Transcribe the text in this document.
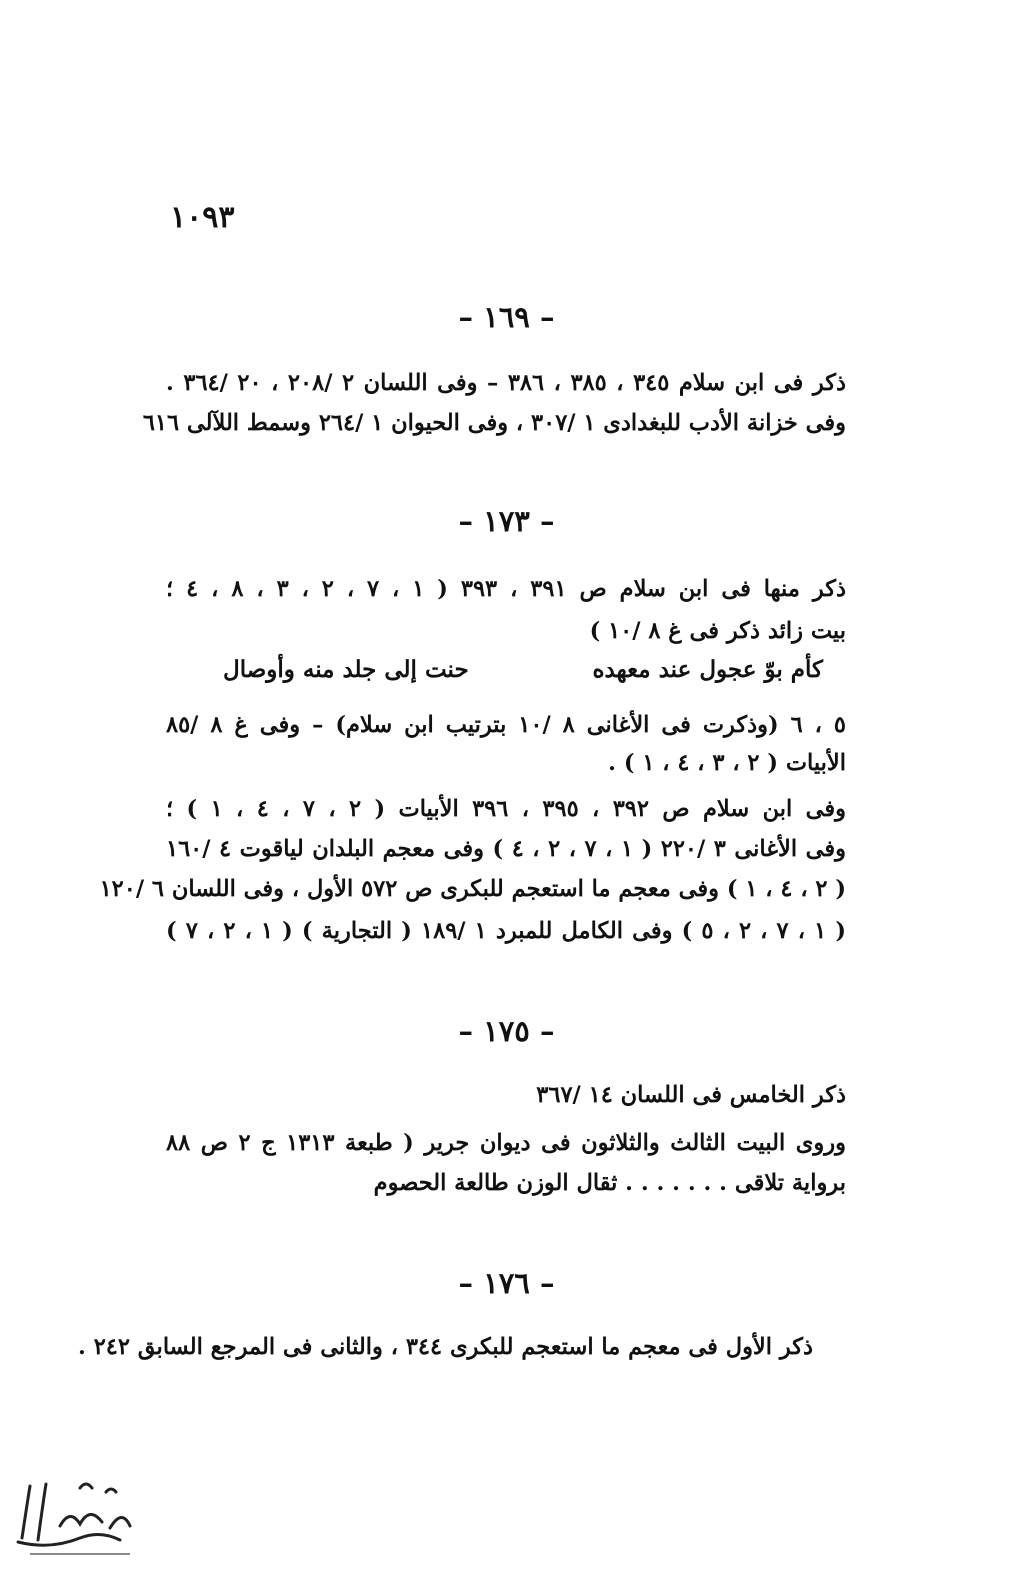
١٠٩٣
– ١٦٩ –
ذكر فى ابن سلام ٣٤٥ ، ٣٨٥ ، ٣٨٦ – وفى اللسان ٢ /٢٠٨ ، ٢٠ /٣٦٤ .
وفى خزانة الأدب للبغدادى ١ /٣٠٧ ، وفى الحيوان ١ /٢٦٤ وسمط اللآلى ٦١٦
– ١٧٣ –
ذكر منها فى ابن سلام ص ٣٩١ ، ٣٩٣ ( ١ ، ٧ ، ٢ ، ٣ ، ٨ ، ٤ ؛
بيت زائد ذكر فى غ ٨ /١٠ )
كأم بوّ عجول عند معهده
حنت إلى جلد منه وأوصال
٥ ، ٦ (وذكرت فى الأغانى ٨ /١٠ بترتيب ابن سلام) – وفى غ ٨ /٨٥
الأبيات ( ٢ ، ٣ ، ٤ ، ١ ) .
وفى ابن سلام ص ٣٩٢ ، ٣٩٥ ، ٣٩٦ الأبيات ( ٢ ، ٧ ، ٤ ، ١ ) ؛
وفى الأغانى ٣ /٢٢٠ ( ١ ، ٧ ، ٢ ، ٤ ) وفى معجم البلدان لياقوت ٤ /١٦٠
( ٢ ، ٤ ، ١ ) وفى معجم ما استعجم للبكرى ص ٥٧٢ الأول ، وفى اللسان ٦ /١٢٠
( ١ ، ٧ ، ٢ ، ٥ ) وفى الكامل للمبرد ١ /١٨٩ ( التجارية ) ( ١ ، ٢ ، ٧ )
– ١٧٥ –
ذكر الخامس فى اللسان ١٤ /٣٦٧
وروى البيت الثالث والثلاثون فى ديوان جرير ( طبعة ١٣١٣ ج ٢ ص ٨٨
برواية تلاقى . . . . . . . ثقال الوزن طالعة الحصوم
– ١٧٦ –
ذكر الأول فى معجم ما استعجم للبكرى ٣٤٤ ، والثانى فى المرجع السابق ٢٤٢ .
